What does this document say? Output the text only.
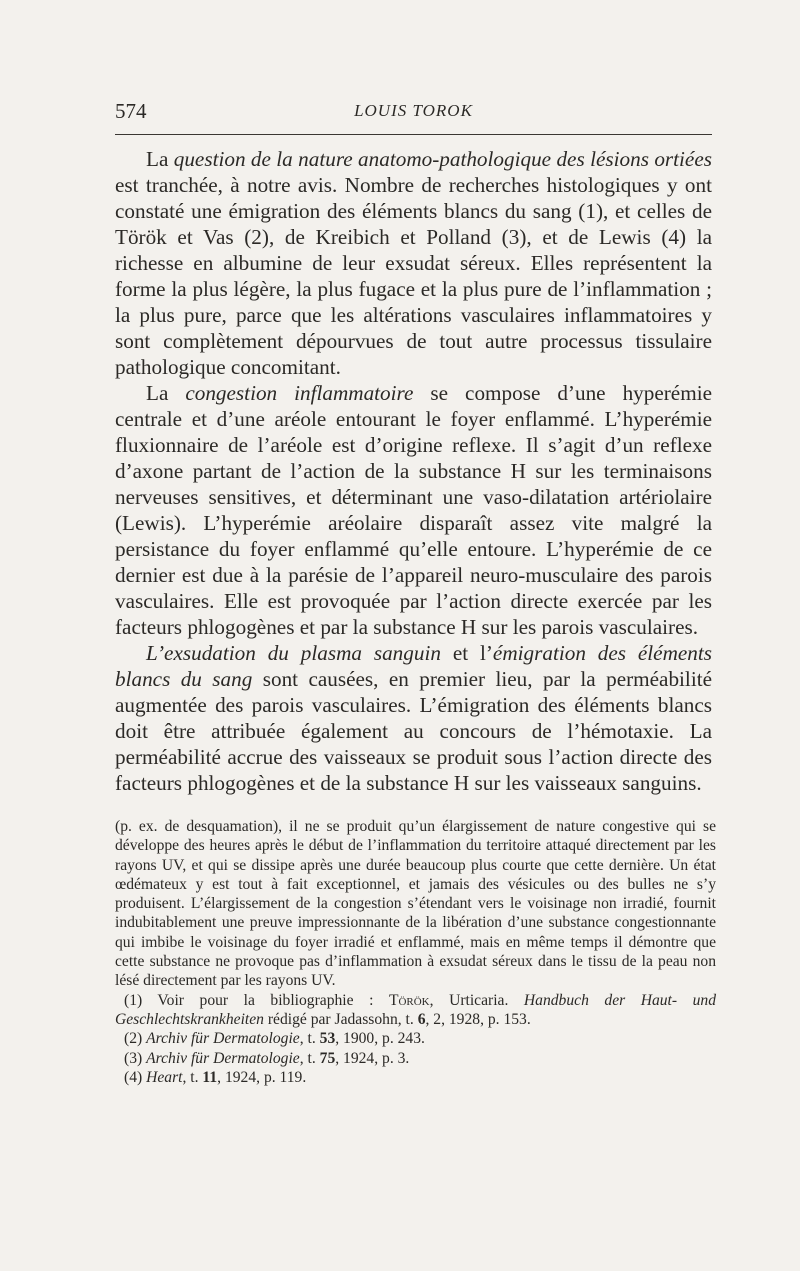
574	LOUIS TOROK

La question de la nature anatomo-pathologique des lésions ortiées est tranchée, à notre avis. Nombre de recherches histologiques y ont constaté une émigration des éléments blancs du sang (1), et celles de Török et Vas (2), de Kreibich et Polland (3), et de Lewis (4) la richesse en albumine de leur exsudat séreux. Elles représentent la forme la plus légère, la plus fugace et la plus pure de l’inflammation ; la plus pure, parce que les altérations vasculaires inflammatoires y sont complètement dépourvues de tout autre processus tissulaire pathologique concomitant.

La congestion inflammatoire se compose d’une hyperémie centrale et d’une aréole entourant le foyer enflammé. L’hyperémie fluxionnaire de l’aréole est d’origine reflexe. Il s’agit d’un reflexe d’axone partant de l’action de la substance H sur les terminaisons nerveuses sensitives, et déterminant une vaso-dilatation artériolaire (Lewis). L’hyperémie aréolaire disparaît assez vite malgré la persistance du foyer enflammé qu’elle entoure. L’hyperémie de ce dernier est due à la parésie de l’appareil neuro-musculaire des parois vasculaires. Elle est provoquée par l’action directe exercée par les facteurs phlogogènes et par la substance H sur les parois vasculaires.

L’exsudation du plasma sanguin et l’émigration des éléments blancs du sang sont causées, en premier lieu, par la perméabilité augmentée des parois vasculaires. L’émigration des éléments blancs doit être attribuée également au concours de l’hémotaxie. La perméabilité accrue des vaisseaux se produit sous l’action directe des facteurs phlogogènes et de la substance H sur les vaisseaux sanguins.

(p. ex. de desquamation), il ne se produit qu’un élargissement de nature congestive qui se développe des heures après le début de l’inflammation du territoire attaqué directement par les rayons UV, et qui se dissipe après une durée beaucoup plus courte que cette dernière. Un état œdémateux y est tout à fait exceptionnel, et jamais des vésicules ou des bulles ne s’y produisent. L’élargissement de la congestion s’étendant vers le voisinage non irradié, fournit indubitablement une preuve impressionnante de la libération d’une substance congestionnante qui imbibe le voisinage du foyer irradié et enflammé, mais en même temps il démontre que cette substance ne provoque pas d’inflammation à exsudat séreux dans le tissu de la peau non lésé directement par les rayons UV.

(1) Voir pour la bibliographie : Török, Urticaria. Handbuch der Haut- und Geschlechtskrankheiten rédigé par Jadassohn, t. 6, 2, 1928, p. 153.

(2) Archiv für Dermatologie, t. 53, 1900, p. 243.

(3) Archiv für Dermatologie, t. 75, 1924, p. 3.

(4) Heart, t. 11, 1924, p. 119.
